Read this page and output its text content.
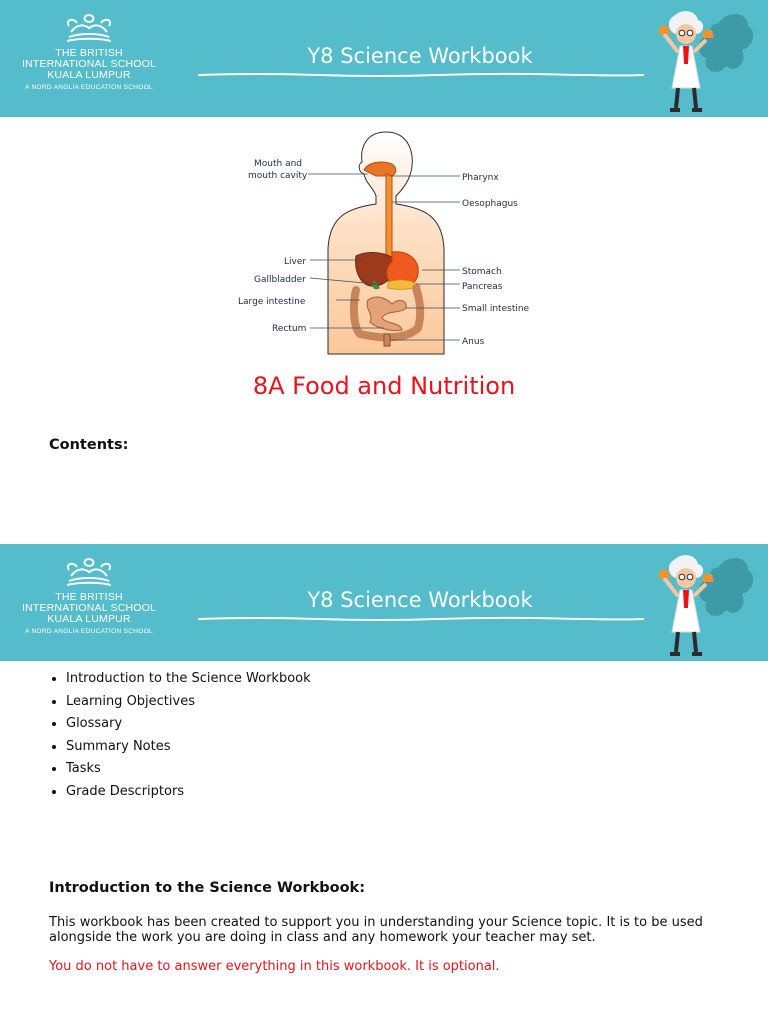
THE BRITISH
INTERNATIONAL SCHOOL
KUALA LUMPUR
A NORD ANGLIA EDUCATION SCHOOL
Y8 Science Workbook
Mouth and
mouth cavity	Pharynx
Oesophagus
Liver
Gallbladder
Large intestine
Rectum
Stomach
Pancreas
Small intestine
Anus
8A Food and Nutrition
Contents:
THE BRITISH
INTERNATIONAL SCHOOL
KUALA LUMPUR
A NORD ANGLIA EDUCATION SCHOOL
Y8 Science Workbook
• Introduction to the Science Workbook
• Learning Objectives
• Glossary
• Summary Notes
• Tasks
• Grade Descriptors
Introduction to the Science Workbook:

This workbook has been created to support you in understanding your Science topic. It is to be used alongside the work you are doing in class and any homework your teacher may set.

You do not have to answer everything in this workbook. It is optional.
